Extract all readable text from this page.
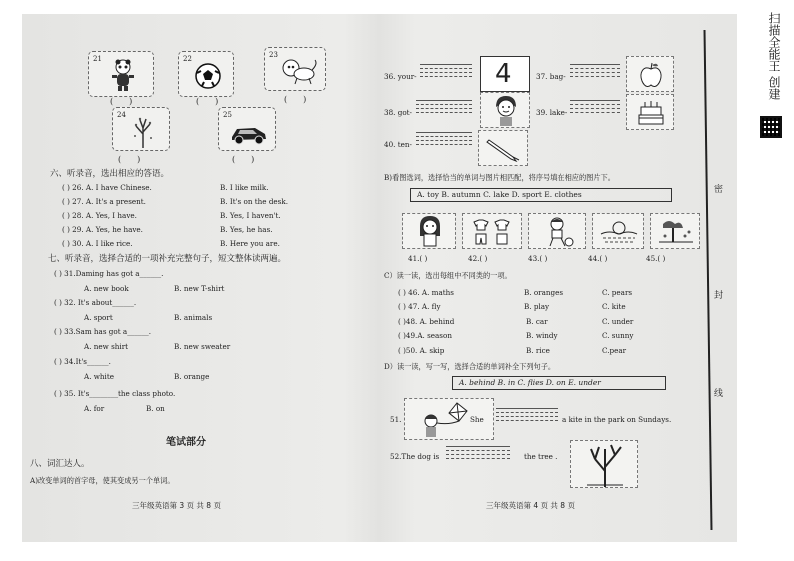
21	22	23
(　　)	(　　)	(　　)
24	25
(　　)	(　　)
六、听录音，选出相应的答语。
( ) 26. A. I have Chinese.	B. I like milk.
( ) 27. A. It's a present.	B. It's on the desk.
( ) 28. A. Yes, I have.	B. Yes, I haven't.
( ) 29. A. Yes, he have.	B. Yes, he has.
( ) 30. A. I like rice.	B. Here you are.
七、听录音，选择合适的一项补充完整句子，短文整体读两遍。
( ) 31.Daming has got a______.
A. new book	B. new T-shirt
( ) 32. It's about______.
A. sport	B. animals
( ) 33.Sam has got a______.
A. new shirt	B. new sweater
( ) 34.It's______.
A. white	B. orange
( ) 35. It's________the class photo.
A. for	B. on
笔试部分
八、词汇达人。
A)改变单词的首字母，使其变成另一个单词。
三年级英语第 3 页 共 8 页
36. your-	4	37. bag-
38. got-	39. lake-
40. ten-
B)看图选词，选择恰当的单词与图片相匹配，将序号填在相应的图片下。
A. toy B. autumn C. lake D. sport E. clothes
41.( )	42.( )	43.( )	44.( )	45.( )
C）读一读，选出每组中不同类的一项。
( ) 46. A. maths	B. oranges	C. pears
( ) 47. A. fly	B. play	C. kite
( )48. A. behind	B. car	C. under
( )49.A. season	B. windy	C. sunny
( )50. A. skip	B. rice	C.pear
D）读一读，写一写，选择合适的单词补全下列句子。
A. behind B. in C. flies D. on E. under
51.	She	a kite in the park on Sundays.
52.The dog is	the tree .
三年级英语第 4 页 共 8 页
密
封
线
扫描全能王 创建
